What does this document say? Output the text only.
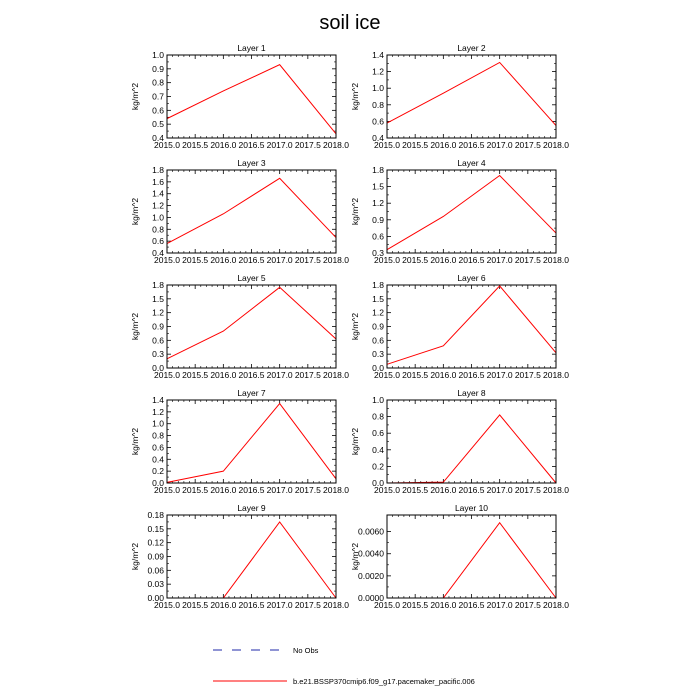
soil ice
Layer 1
kg/m^2
2015.0 2015.5 2016.0 2016.5 2017.0 2017.5 2018.0
0.4
0.5
0.6
0.7
0.8
0.9
1.0
Layer 2
kg/m^2
2015.0 2015.5 2016.0 2016.5 2017.0 2017.5 2018.0
0.4
0.6
0.8
1.0
1.2
1.4
Layer 3
kg/m^2
2015.0 2015.5 2016.0 2016.5 2017.0 2017.5 2018.0
0.4
0.6
0.8
1.0
1.2
1.4
1.6
1.8
Layer 4
kg/m^2
2015.0 2015.5 2016.0 2016.5 2017.0 2017.5 2018.0
0.3
0.6
0.9
1.2
1.5
1.8
Layer 5
kg/m^2
2015.0 2015.5 2016.0 2016.5 2017.0 2017.5 2018.0
0.0
0.3
0.6
0.9
1.2
1.5
1.8
Layer 6
kg/m^2
2015.0 2015.5 2016.0 2016.5 2017.0 2017.5 2018.0
0.0
0.3
0.6
0.9
1.2
1.5
1.8
Layer 7
kg/m^2
2015.0 2015.5 2016.0 2016.5 2017.0 2017.5 2018.0
0.0
0.2
0.4
0.6
0.8
1.0
1.2
1.4
Layer 8
kg/m^2
2015.0 2015.5 2016.0 2016.5 2017.0 2017.5 2018.0
0.0
0.2
0.4
0.6
0.8
1.0
Layer 9
kg/m^2
2015.0 2015.5 2016.0 2016.5 2017.0 2017.5 2018.0
0.00
0.03
0.06
0.09
0.12
0.15
0.18
Layer 10
kg/m^2
2015.0 2015.5 2016.0 2016.5 2017.0 2017.5 2018.0
0.0000
0.0020
0.0040
0.0060
No Obs
b.e21.BSSP370cmip6.f09_g17.pacemaker_pacific.006
